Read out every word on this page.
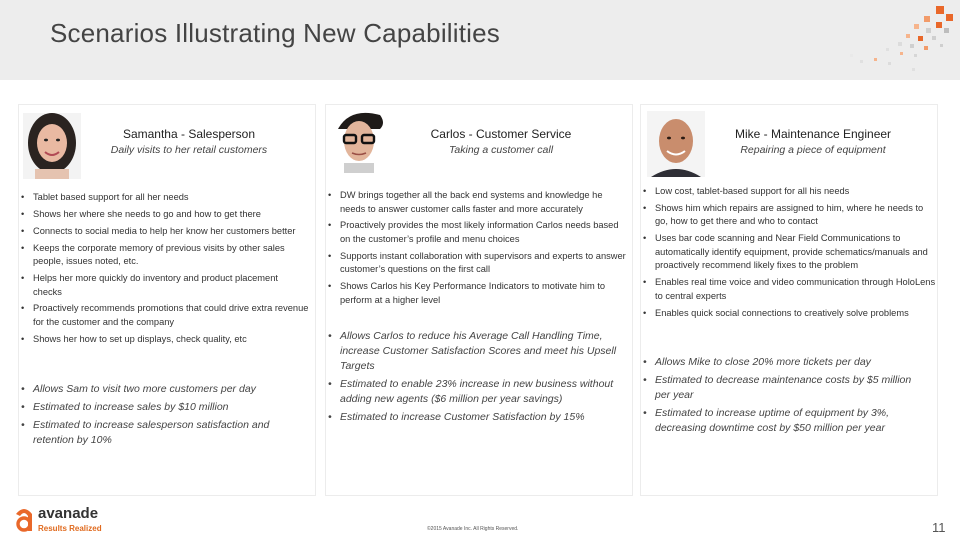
Scenarios Illustrating New Capabilities
Samantha - Salesperson
Daily visits to her retail customers
• Tablet based support for all her needs
• Shows her where she needs to go and how to get there
• Connects to social media to help her know her customers better
• Keeps the corporate memory of previous visits by other sales people, issues noted, etc.
• Helps her more quickly do inventory and product placement checks
• Proactively recommends promotions that could drive extra revenue for the customer and the company
• Shows her how to set up displays, check quality, etc
• Allows Sam to visit two more customers per day
• Estimated to increase sales by $10 million
• Estimated to increase salesperson satisfaction and retention by 10%
Carlos - Customer Service
Taking a customer call
• DW brings together all the back end systems and knowledge he needs to answer customer calls faster and more accurately
• Proactively provides the most likely information Carlos needs based on the customer’s profile and menu choices
• Supports instant collaboration with supervisors and experts to answer customer’s questions on the first call
• Shows Carlos his Key Performance Indicators to motivate him to perform at a higher level
• Allows Carlos to reduce his Average Call Handling Time, increase Customer Satisfaction Scores and meet his Upsell Targets
• Estimated to enable 23% increase in new business without adding new agents ($6 million per year savings)
• Estimated to increase Customer Satisfaction by 15%
Mike - Maintenance Engineer
Repairing a piece of equipment
• Low cost, tablet-based support for all his needs
• Shows him which repairs are assigned to him, where he needs to go, how to get there and who to contact
• Uses bar code scanning and Near Field Communications to automatically identify equipment, provide schematics/manuals and proactively recommend likely fixes to the problem
• Enables real time voice and video communication through HoloLens to central experts
• Enables quick social connections to creatively solve problems
• Allows Mike to close 20% more tickets per day
• Estimated to decrease maintenance costs by $5 million per year
• Estimated to increase uptime of equipment by 3%, decreasing downtime cost by $50 million per year
avanade
Results Realized	©2015 Avanade Inc. All Rights Reserved.	11
